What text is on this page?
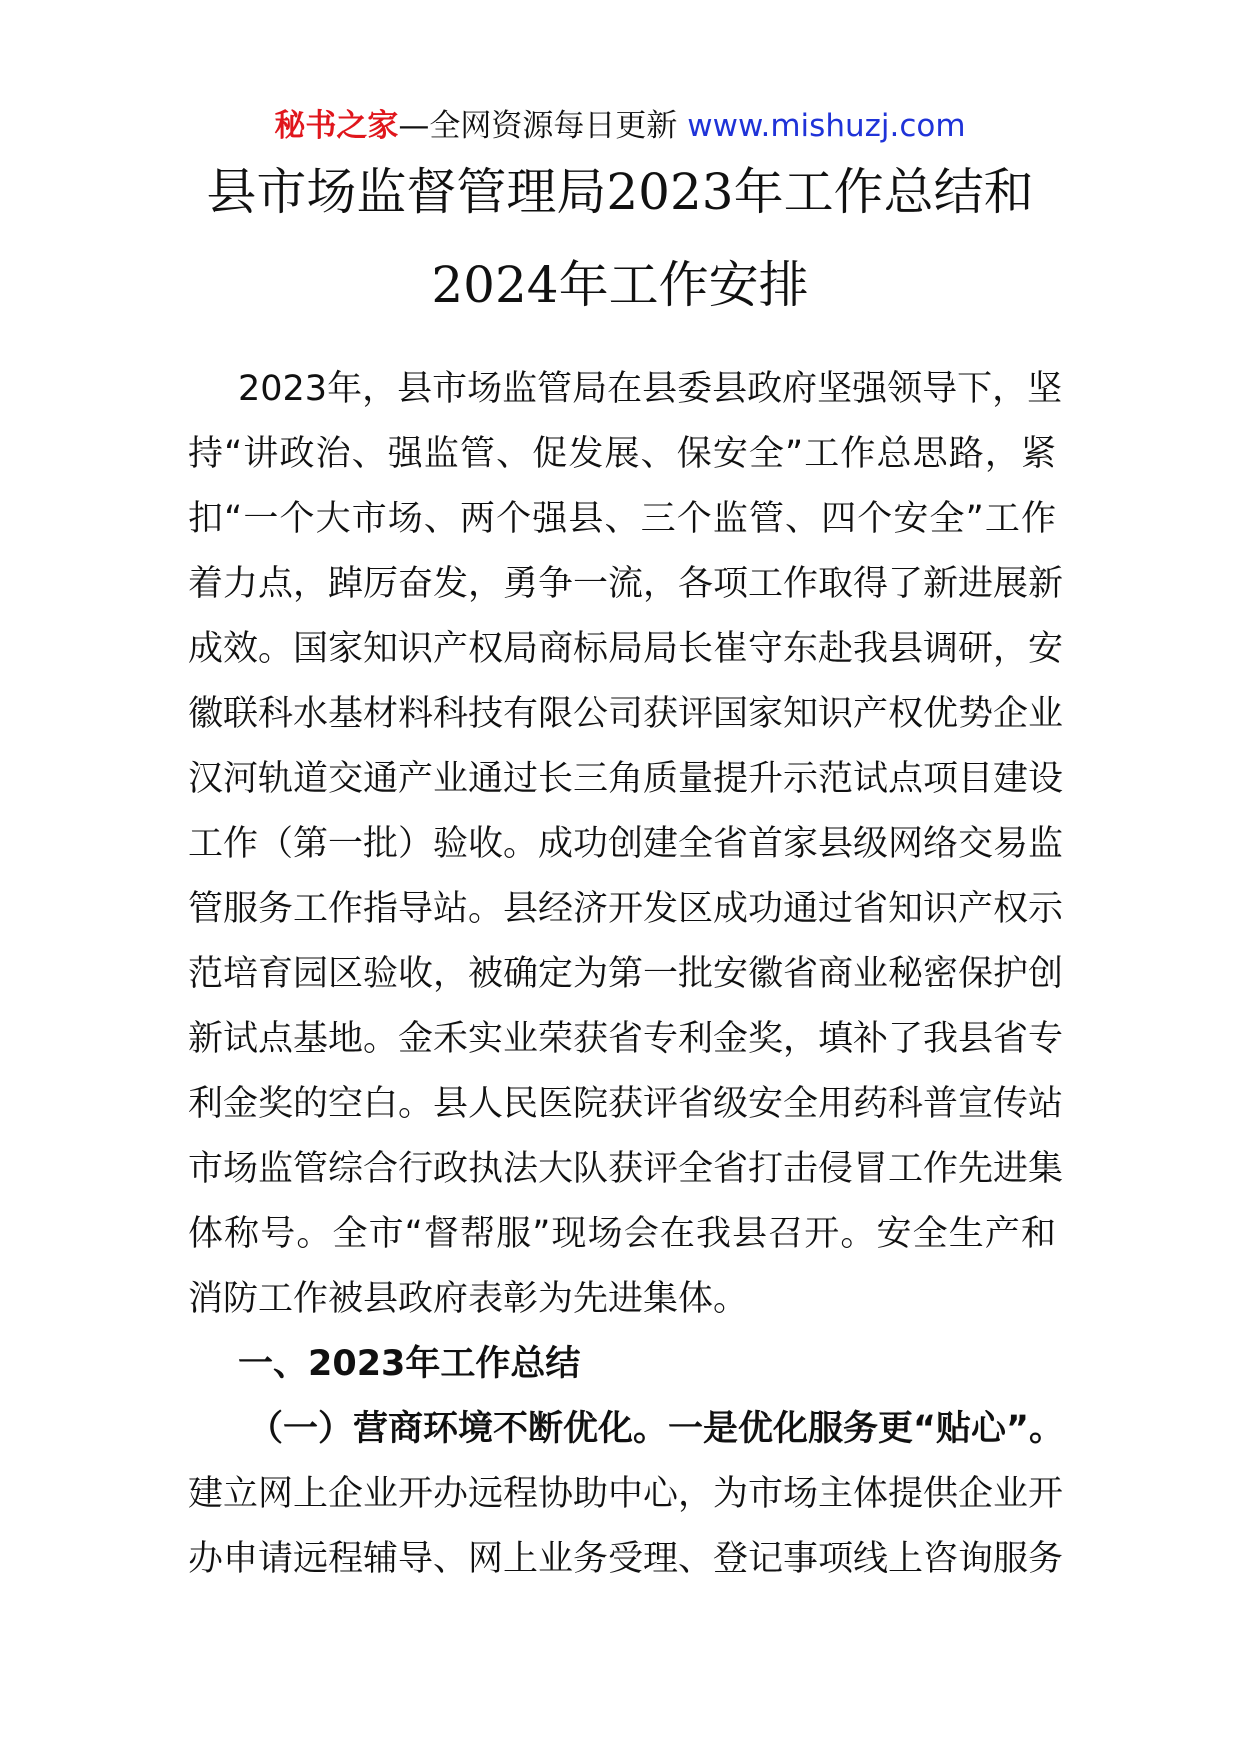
秘书之家—全网资源每日更新 www.mishuzj.com
县市场监督管理局2023年工作总结和
2024年工作安排
2023年，县市场监管局在县委县政府坚强领导下，坚
持“讲政治、强监管、促发展、保安全”工作总思路，紧
扣“一个大市场、两个强县、三个监管、四个安全”工作
着力点，踔厉奋发，勇争一流，各项工作取得了新进展新
成效。国家知识产权局商标局局长崔守东赴我县调研，安
徽联科水基材料科技有限公司获评国家知识产权优势企业
汉河轨道交通产业通过长三角质量提升示范试点项目建设
工作（第一批）验收。成功创建全省首家县级网络交易监
管服务工作指导站。县经济开发区成功通过省知识产权示
范培育园区验收，被确定为第一批安徽省商业秘密保护创
新试点基地。金禾实业荣获省专利金奖，填补了我县省专
利金奖的空白。县人民医院获评省级安全用药科普宣传站
市场监管综合行政执法大队获评全省打击侵冒工作先进集
体称号。全市“督帮服”现场会在我县召开。安全生产和
消防工作被县政府表彰为先进集体。
一、2023年工作总结
（一）营商环境不断优化。一是优化服务更“贴心”。
建立网上企业开办远程协助中心，为市场主体提供企业开
办申请远程辅导、网上业务受理、登记事项线上咨询服务
